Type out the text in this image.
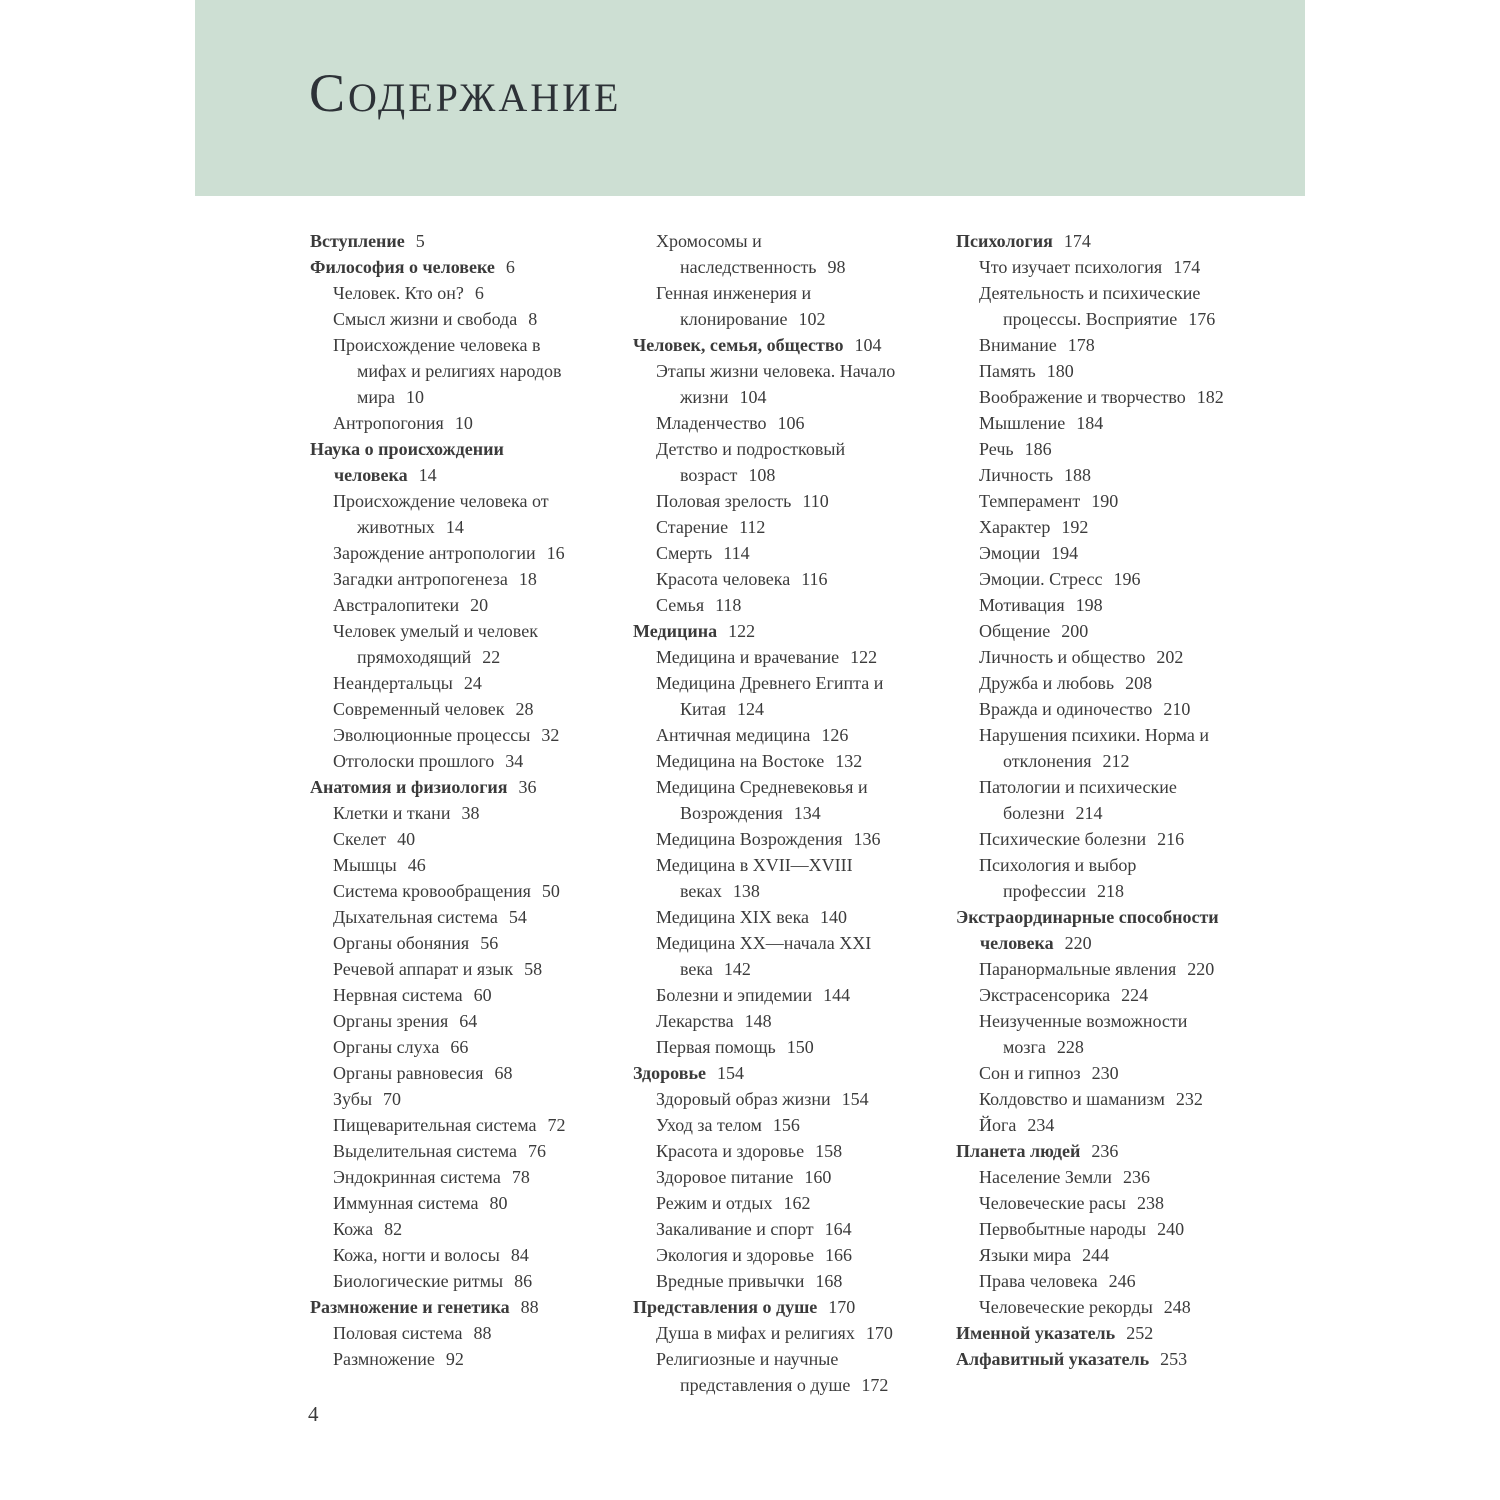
СОДЕРЖАНИЕ
Вступление 5
Философия о человеке 6
Человек. Кто он? 6
Смысл жизни и свобода 8
Происхождение человека в мифах и религиях народов мира 10
Антропогония 10
Наука о происхождении человека 14
Происхождение человека от животных 14
Зарождение антропологии 16
Загадки антропогенеза 18
Австралопитеки 20
Человек умелый и человек прямоходящий 22
Неандертальцы 24
Современный человек 28
Эволюционные процессы 32
Отголоски прошлого 34
Анатомия и физиология 36
Клетки и ткани 38
Скелет 40
Мышцы 46
Система кровообращения 50
Дыхательная система 54
Органы обоняния 56
Речевой аппарат и язык 58
Нервная система 60
Органы зрения 64
Органы слуха 66
Органы равновесия 68
Зубы 70
Пищеварительная система 72
Выделительная система 76
Эндокринная система 78
Иммунная система 80
Кожа 82
Кожа, ногти и волосы 84
Биологические ритмы 86
Размножение и генетика 88
Половая система 88
Размножение 92
Хромосомы и наследственность 98
Генная инженерия и клонирование 102
Человек, семья, общество 104
Этапы жизни человека. Начало жизни 104
Младенчество 106
Детство и подростковый возраст 108
Половая зрелость 110
Старение 112
Смерть 114
Красота человека 116
Семья 118
Медицина 122
Медицина и врачевание 122
Медицина Древнего Египта и Китая 124
Античная медицина 126
Медицина на Востоке 132
Медицина Средневековья и Возрождения 134
Медицина Возрождения 136
Медицина в XVII—XVIII веках 138
Медицина XIX века 140
Медицина XX—начала XXI века 142
Болезни и эпидемии 144
Лекарства 148
Первая помощь 150
Здоровье 154
Здоровый образ жизни 154
Уход за телом 156
Красота и здоровье 158
Здоровое питание 160
Режим и отдых 162
Закаливание и спорт 164
Экология и здоровье 166
Вредные привычки 168
Представления о душе 170
Душа в мифах и религиях 170
Религиозные и научные представления о душе 172
Психология 174
Что изучает психология 174
Деятельность и психические процессы. Восприятие 176
Внимание 178
Память 180
Воображение и творчество 182
Мышление 184
Речь 186
Личность 188
Темперамент 190
Характер 192
Эмоции 194
Эмоции. Стресс 196
Мотивация 198
Общение 200
Личность и общество 202
Дружба и любовь 208
Вражда и одиночество 210
Нарушения психики. Норма и отклонения 212
Патологии и психические болезни 214
Психические болезни 216
Психология и выбор профессии 218
Экстраординарные способности человека 220
Паранормальные явления 220
Экстрасенсорика 224
Неизученные возможности мозга 228
Сон и гипноз 230
Колдовство и шаманизм 232
Йога 234
Планета людей 236
Население Земли 236
Человеческие расы 238
Первобытные народы 240
Языки мира 244
Права человека 246
Человеческие рекорды 248
Именной указатель 252
Алфавитный указатель 253
4
